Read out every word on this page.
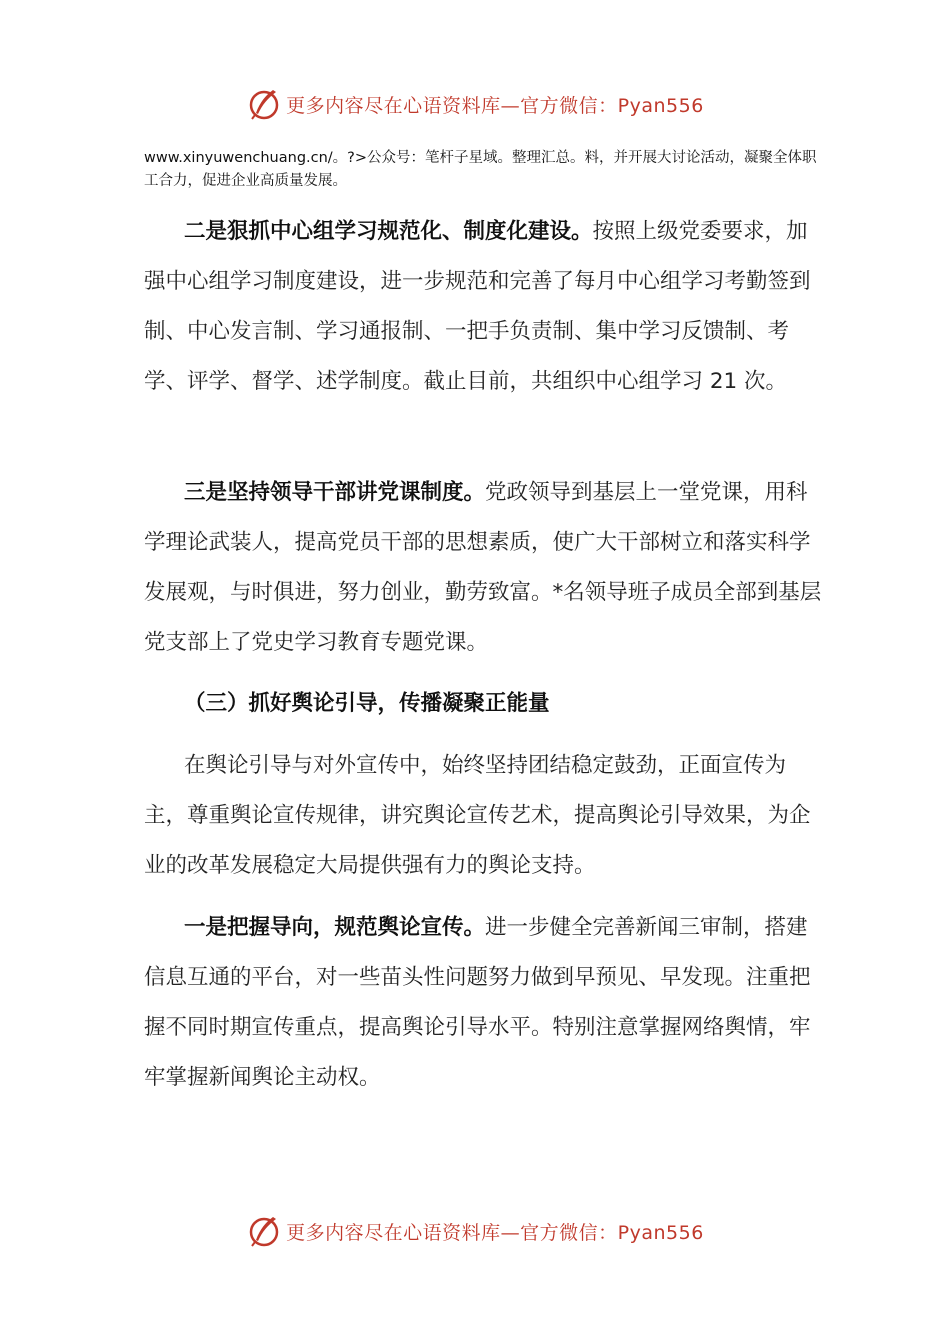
更多内容尽在心语资料库—官方微信：Pyan556

www.xinyuwenchuang.cn/。?>公众号：笔杆子星域。整理汇总。料，并开展大讨论活动，凝聚全体职工合力，促进企业高质量发展。

二是狠抓中心组学习规范化、制度化建设。按照上级党委要求，加强中心组学习制度建设，进一步规范和完善了每月中心组学习考勤签到制、中心发言制、学习通报制、一把手负责制、集中学习反馈制、考学、评学、督学、述学制度。截止目前，共组织中心组学习 21 次。

三是坚持领导干部讲党课制度。党政领导到基层上一堂党课，用科学理论武装人，提高党员干部的思想素质，使广大干部树立和落实科学发展观，与时俱进，努力创业，勤劳致富。*名领导班子成员全部到基层党支部上了党史学习教育专题党课。

（三）抓好舆论引导，传播凝聚正能量

在舆论引导与对外宣传中，始终坚持团结稳定鼓劲，正面宣传为主，尊重舆论宣传规律，讲究舆论宣传艺术，提高舆论引导效果，为企业的改革发展稳定大局提供强有力的舆论支持。

一是把握导向，规范舆论宣传。进一步健全完善新闻三审制，搭建信息互通的平台，对一些苗头性问题努力做到早预见、早发现。注重把握不同时期宣传重点，提高舆论引导水平。特别注意掌握网络舆情，牢牢掌握新闻舆论主动权。

更多内容尽在心语资料库—官方微信：Pyan556
